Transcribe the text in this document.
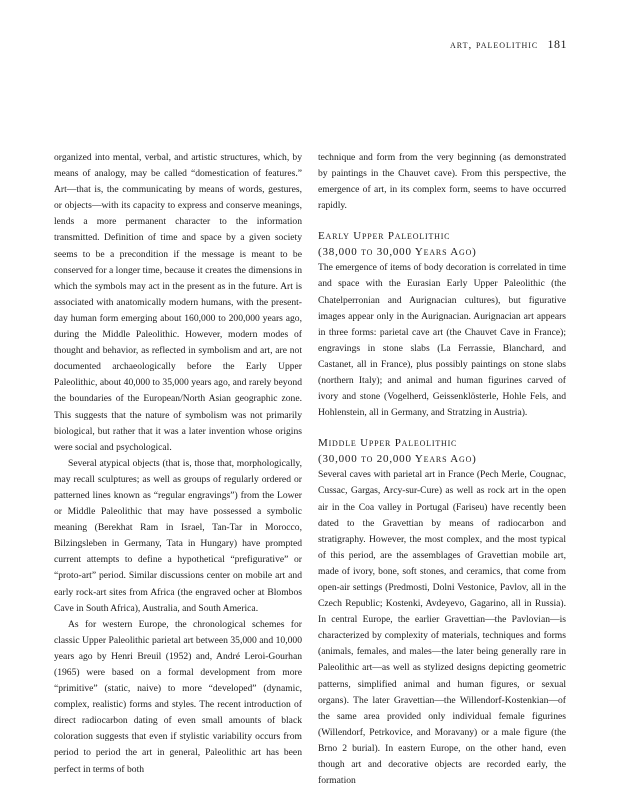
art, paleolithic 181

organized into mental, verbal, and artistic structures, which, by means of analogy, may be called “domestication of features.” Art—that is, the communicating by means of words, gestures, or objects—with its capacity to express and conserve meanings, lends a more permanent character to the information transmitted. Definition of time and space by a given society seems to be a precondition if the message is meant to be conserved for a longer time, because it creates the dimensions in which the symbols may act in the present as in the future. Art is associated with anatomically modern humans, with the present-day human form emerging about 160,000 to 200,000 years ago, during the Middle Paleolithic. However, modern modes of thought and behavior, as reflected in symbolism and art, are not documented archaeologically before the Early Upper Paleolithic, about 40,000 to 35,000 years ago, and rarely beyond the boundaries of the European/North Asian geographic zone. This suggests that the nature of symbolism was not primarily biological, but rather that it was a later invention whose origins were social and psychological.

Several atypical objects (that is, those that, morphologically, may recall sculptures; as well as groups of regularly ordered or patterned lines known as “regular engravings”) from the Lower or Middle Paleolithic that may have possessed a symbolic meaning (Berekhat Ram in Israel, Tan-Tar in Morocco, Bilzingsleben in Germany, Tata in Hungary) have prompted current attempts to define a hypothetical “prefigurative” or “proto-art” period. Similar discussions center on mobile art and early rock-art sites from Africa (the engraved ocher at Blombos Cave in South Africa), Australia, and South America.

As for western Europe, the chronological schemes for classic Upper Paleolithic parietal art between 35,000 and 10,000 years ago by Henri Breuil (1952) and, André Leroi-Gourhan (1965) were based on a formal development from more “primitive” (static, naive) to more “developed” (dynamic, complex, realistic) forms and styles. The recent introduction of direct radiocarbon dating of even small amounts of black coloration suggests that even if stylistic variability occurs from period to period the art in general, Paleolithic art has been perfect in terms of both

technique and form from the very beginning (as demonstrated by paintings in the Chauvet cave). From this perspective, the emergence of art, in its complex form, seems to have occurred rapidly.

Early Upper Paleolithic
(38,000 to 30,000 Years Ago)

The emergence of items of body decoration is correlated in time and space with the Eurasian Early Upper Paleolithic (the Chatelperronian and Aurignacian cultures), but figurative images appear only in the Aurignacian. Aurignacian art appears in three forms: parietal cave art (the Chauvet Cave in France); engravings in stone slabs (La Ferrassie, Blanchard, and Castanet, all in France), plus possibly paintings on stone slabs (northern Italy); and animal and human figurines carved of ivory and stone (Vogelherd, Geissenklösterle, Hohle Fels, and Hohlenstein, all in Germany, and Stratzing in Austria).

Middle Upper Paleolithic
(30,000 to 20,000 Years Ago)

Several caves with parietal art in France (Pech Merle, Cougnac, Cussac, Gargas, Arcy-sur-Cure) as well as rock art in the open air in the Coa valley in Portugal (Fariseu) have recently been dated to the Gravettian by means of radiocarbon and stratigraphy. However, the most complex, and the most typical of this period, are the assemblages of Gravettian mobile art, made of ivory, bone, soft stones, and ceramics, that come from open-air settings (Predmosti, Dolni Vestonice, Pavlov, all in the Czech Republic; Kostenki, Avdeyevo, Gagarino, all in Russia). In central Europe, the earlier Gravettian—the Pavlovian—is characterized by complexity of materials, techniques and forms (animals, females, and males—the later being generally rare in Paleolithic art—as well as stylized designs depicting geometric patterns, simplified animal and human figures, or sexual organs). The later Gravettian—the Willendorf-Kostenkian—of the same area provided only individual female figurines (Willendorf, Petrkovice, and Moravany) or a male figure (the Brno 2 burial). In eastern Europe, on the other hand, even though art and decorative objects are recorded early, the formation
